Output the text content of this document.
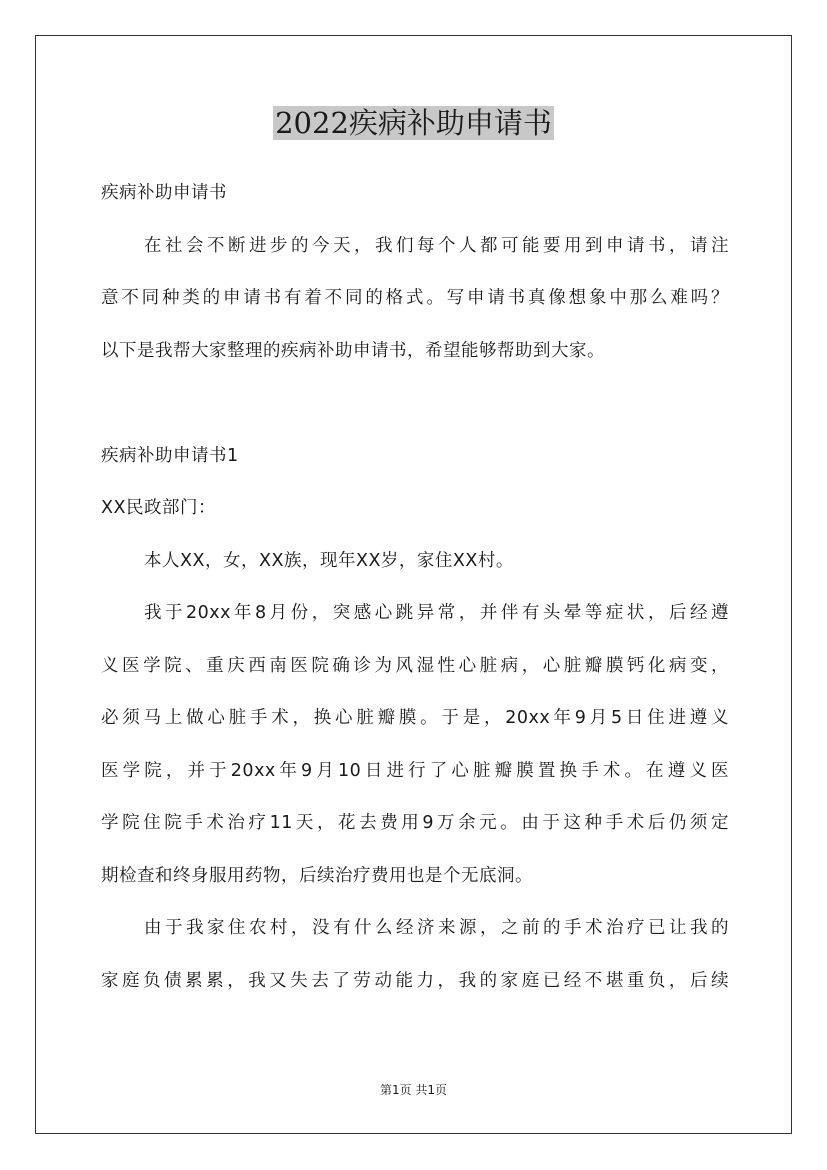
2022疾病补助申请书
疾病补助申请书
在社会不断进步的今天，我们每个人都可能要用到申请书，请注
意不同种类的申请书有着不同的格式。写申请书真像想象中那么难吗？
以下是我帮大家整理的疾病补助申请书，希望能够帮助到大家。
疾病补助申请书1
XX民政部门：
本人XX，女，XX族，现年XX岁，家住XX村。
我于20xx年8月份，突感心跳异常，并伴有头晕等症状，后经遵
义医学院、重庆西南医院确诊为风湿性心脏病，心脏瓣膜钙化病变，
必须马上做心脏手术，换心脏瓣膜。于是，20xx年9月5日住进遵义
医学院，并于20xx年9月10日进行了心脏瓣膜置换手术。在遵义医
学院住院手术治疗11天，花去费用9万余元。由于这种手术后仍须定
期检查和终身服用药物，后续治疗费用也是个无底洞。
由于我家住农村，没有什么经济来源，之前的手术治疗已让我的
家庭负债累累，我又失去了劳动能力，我的家庭已经不堪重负，后续
第1页 共1页
